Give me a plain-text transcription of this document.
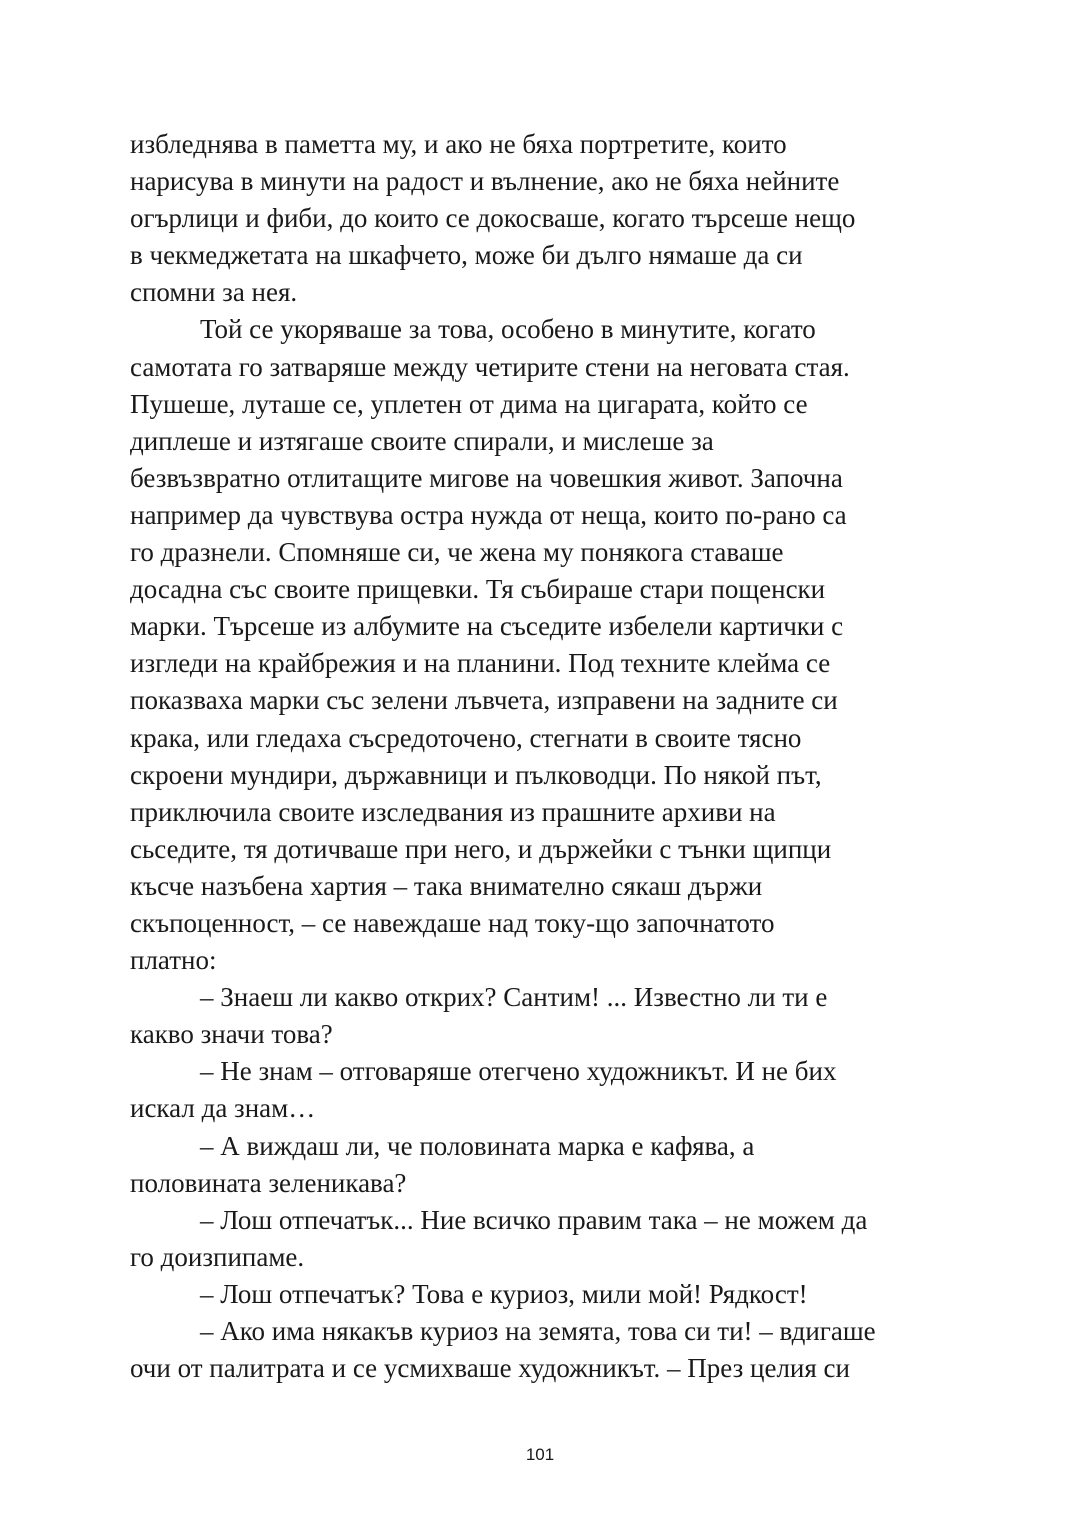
избледнява в паметта му, и ако не бяха портретите, които
нарисува в минути на радост и вълнение, ако не бяха нейните
огърлици и фиби, до които се докосваше, когато търсеше нещо
в чекмеджетата на шкафчето, може би дълго нямаше да си
спомни за нея.
Той се укоряваше за това, особено в минутите, когато
самотата го затваряше между четирите стени на неговата стая.
Пушеше, луташе се, уплетен от дима на цигарата, който се
диплеше и изтягаше своите спирали, и мислеше за
безвъзвратно отлитащите мигове на човешкия живот. Започна
например да чувствува остра нужда от неща, които по-рано са
го дразнели. Спомняше си, че жена му понякога ставаше
досадна със своите прищевки. Тя събираше стари пощенски
марки. Търсеше из албумите на съседите избелели картички с
изгледи на крайбрежия и на планини. Под техните клейма се
показваха марки със зелени лъвчета, изправени на задните си
крака, или гледаха съсредоточено, стегнати в своите тясно
скроени мундири, държавници и пълководци. По някой път,
приключила своите изследвания из прашните архиви на
сьседите, тя дотичваше при него, и държейки с тънки щипци
късче назъбена хартия – така внимателно сякаш държи
скъпоценност, – се навеждаше над току-що започнатото
платно:
– Знаеш ли какво открих? Сантим! ... Известно ли ти е
какво значи това?
– Не знам – отговаряше отегчено художникът. И не бих
искал да знам…
– А виждаш ли, че половината марка е кафява, а
половината зеленикава?
– Лош отпечатък... Ние всичко правим така – не можем да
го доизпипаме.
– Лош отпечатък? Това е куриоз, мили мой! Рядкост!
– Ако има някакъв куриоз на земята, това си ти! – вдигаше
очи от палитрата и се усмихваше художникът. – През целия си
101
